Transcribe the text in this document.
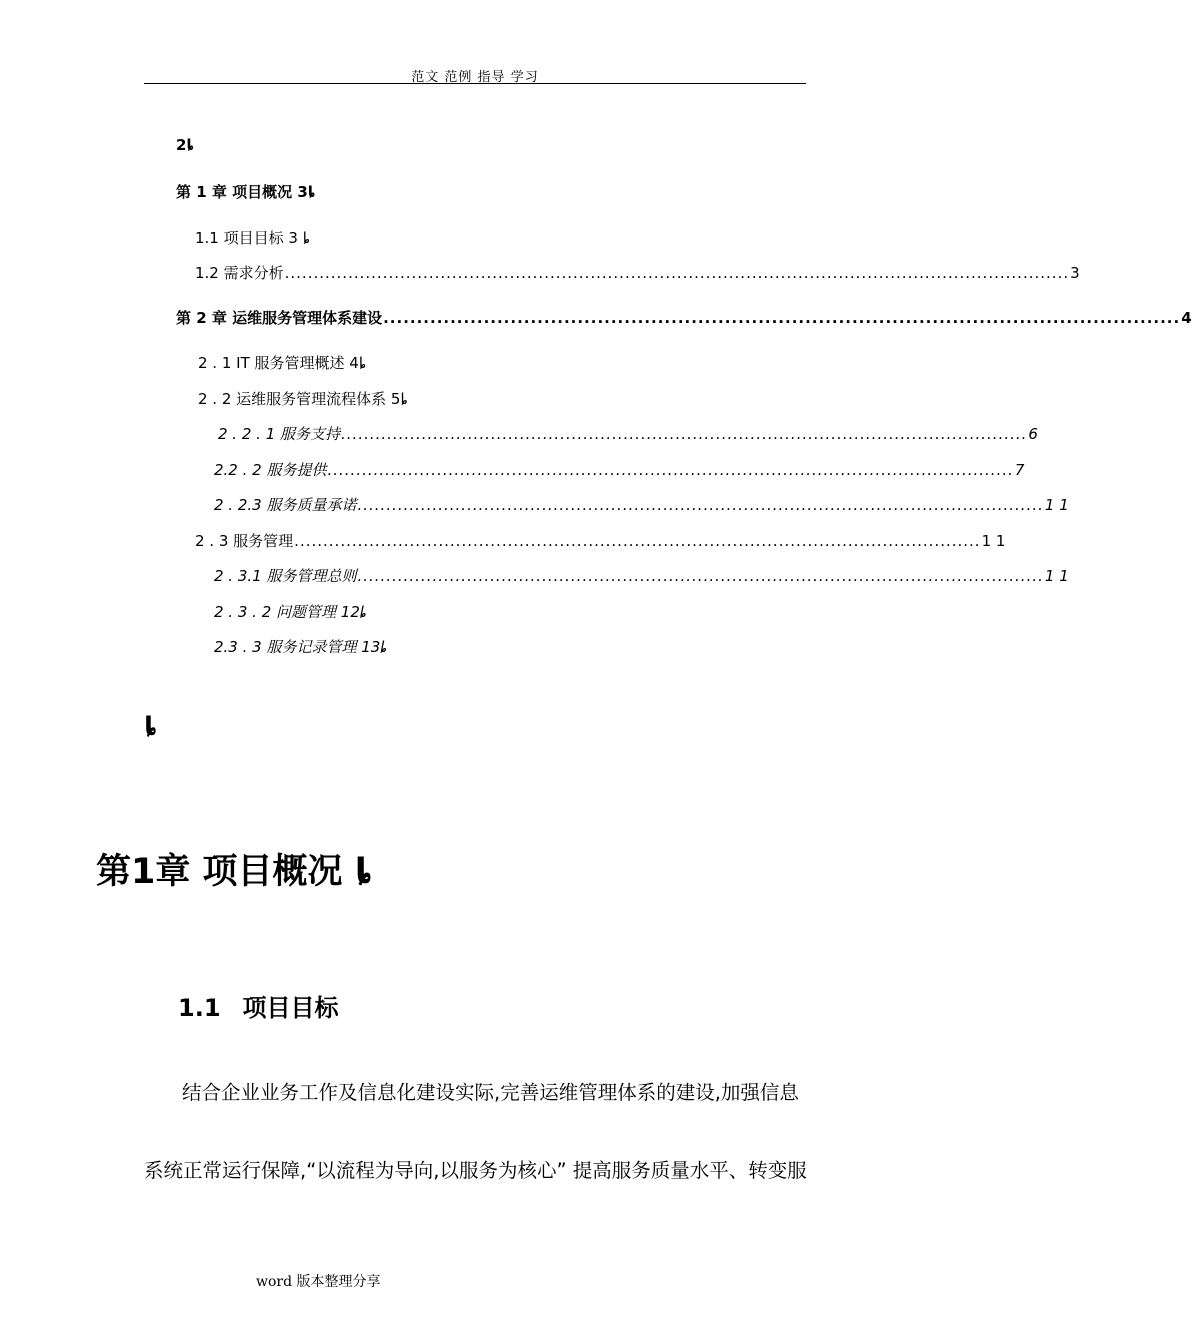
范文 范例 指导 学习
2ȴ
第 1 章 项目概况 3ȴ
1.1 项目目标 3 ȴ
1.2 需求分析 ........................................................................................................................................ 3
第 2 章 运维服务管理体系建设 ....................................................................................................................... 4
2 . 1 IT 服务管理概述 4ȴ
2 . 2 运维服务管理流程体系 5ȴ
2 . 2 . 1 服务支持 ....................................................................................................................... 6
2.2 . 2 服务提供 ....................................................................................................................... 7
2 . 2.3 服务质量承诺 ....................................................................................................................... 1 1
2 . 3 服务管理 ....................................................................................................................... 1 1
2 . 3.1 服务管理总则 ....................................................................................................................... 1 1
2 . 3 . 2 问题管理 12ȴ
2.3 . 3 服务记录管理 13ȴ
ȴ
第1章 项目概况 ȴ
1.1 项目目标
结合企业业务工作及信息化建设实际,完善运维管理体系的建设,加强信息
系统正常运行保障,“以流程为导向,以服务为核心” 提高服务质量水平、转变服
word 版本整理分享
